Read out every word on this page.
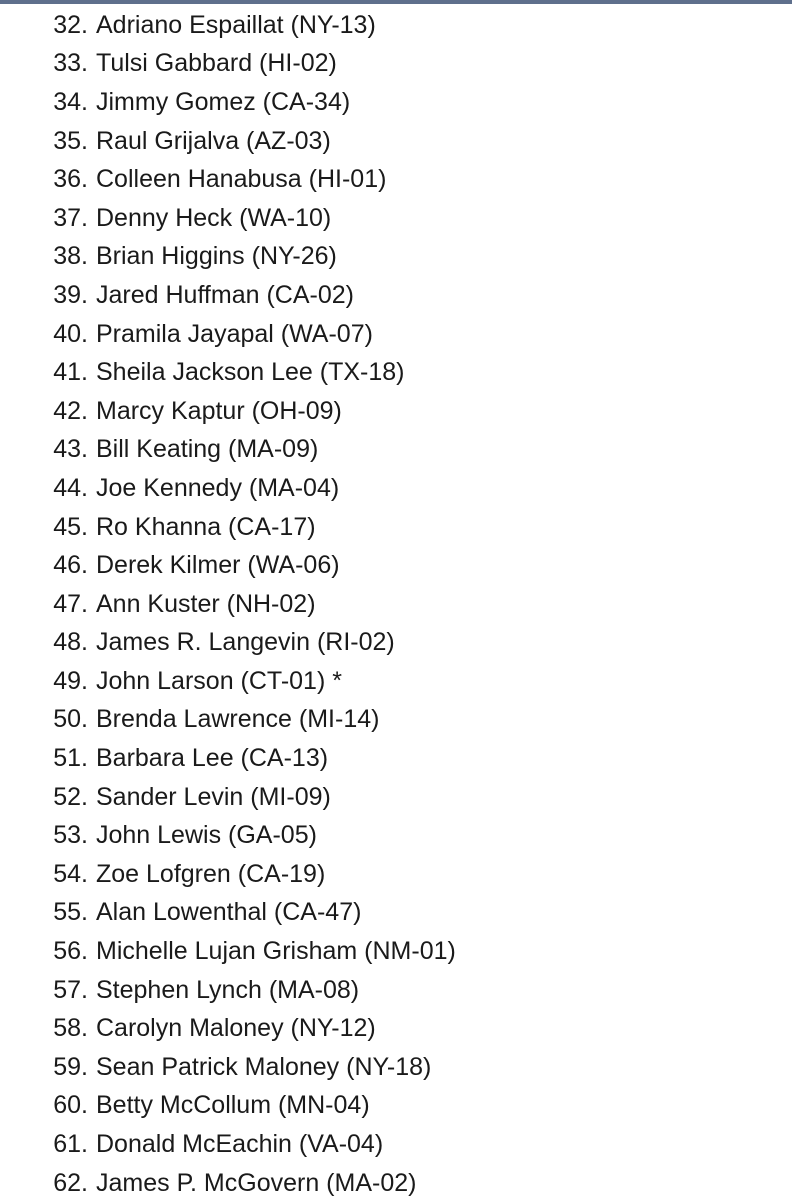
32. Adriano Espaillat (NY-13)
33. Tulsi Gabbard (HI-02)
34. Jimmy Gomez (CA-34)
35. Raul Grijalva (AZ-03)
36. Colleen Hanabusa (HI-01)
37. Denny Heck (WA-10)
38. Brian Higgins (NY-26)
39. Jared Huffman (CA-02)
40. Pramila Jayapal (WA-07)
41. Sheila Jackson Lee (TX-18)
42. Marcy Kaptur (OH-09)
43. Bill Keating (MA-09)
44. Joe Kennedy (MA-04)
45. Ro Khanna (CA-17)
46. Derek Kilmer (WA-06)
47. Ann Kuster (NH-02)
48. James R. Langevin (RI-02)
49. John Larson (CT-01) *
50. Brenda Lawrence (MI-14)
51. Barbara Lee (CA-13)
52. Sander Levin (MI-09)
53. John Lewis (GA-05)
54. Zoe Lofgren (CA-19)
55. Alan Lowenthal (CA-47)
56. Michelle Lujan Grisham (NM-01)
57. Stephen Lynch (MA-08)
58. Carolyn Maloney (NY-12)
59. Sean Patrick Maloney (NY-18)
60. Betty McCollum (MN-04)
61. Donald McEachin (VA-04)
62. James P. McGovern (MA-02)
